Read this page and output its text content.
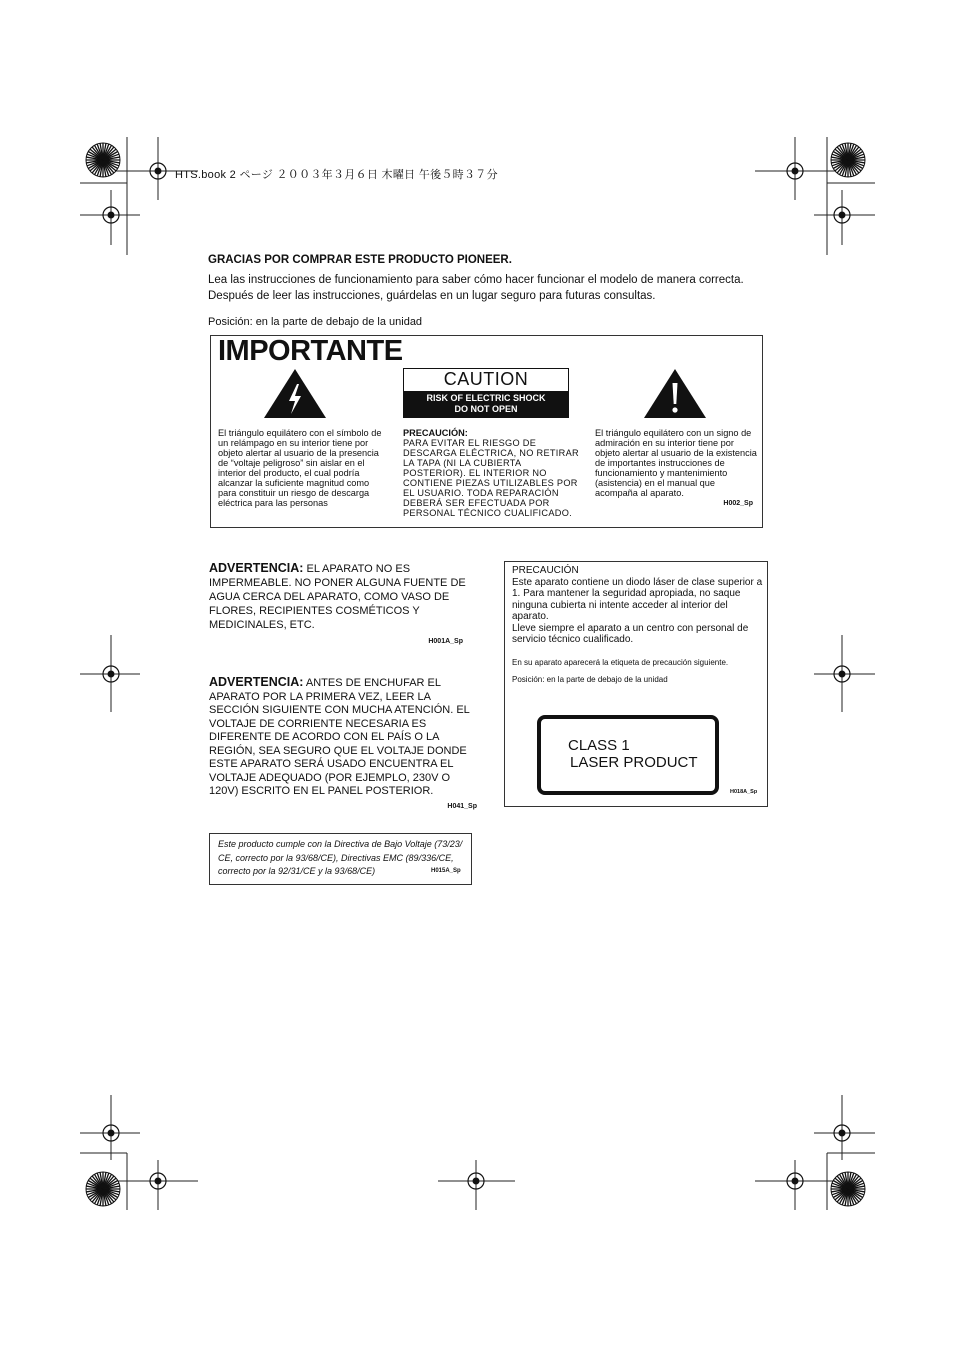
HTS.book 2 ページ ２００３年３月６日 木曜日 午後５時３７分
GRACIAS POR COMPRAR ESTE PRODUCTO PIONEER.
Lea las instrucciones de funcionamiento para saber cómo hacer funcionar el modelo de manera correcta. Después de leer las instrucciones, guárdelas en un lugar seguro para futuras consultas.
Posición: en la parte de debajo de la unidad
IMPORTANTE
CAUTION
RISK OF ELECTRIC SHOCK
DO NOT OPEN
El triángulo equilátero con el símbolo de un relámpago en su interior tiene por objeto alertar al usuario de la presencia de “voltaje peligroso” sin aislar en el interior del producto, el cual podría alcanzar la suficiente magnitud como para constituir un riesgo de descarga eléctrica para las personas
PRECAUCIÓN:
PARA EVITAR EL RIESGO DE DESCARGA ELÉCTRICA, NO RETIRAR LA TAPA (NI LA CUBIERTA POSTERIOR). EL INTERIOR NO CONTIENE PIEZAS UTILIZABLES POR EL USUARIO. TODA REPARACIÓN DEBERÁ SER EFECTUADA POR PERSONAL TÉCNICO CUALIFICADO.
El triángulo equilátero con un signo de admiración en su interior tiene por objeto alertar al usuario de la existencia de importantes instrucciones de funcionamiento y mantenimiento (asistencia) en el manual que acompaña al aparato.
H002_Sp
ADVERTENCIA: EL APARATO NO ES IMPERMEABLE. NO PONER ALGUNA FUENTE DE AGUA CERCA DEL APARATO, COMO VASO DE FLORES, RECIPIENTES COSMÉTICOS Y MEDICINALES, ETC.
H001A_Sp
ADVERTENCIA: ANTES DE ENCHUFAR EL APARATO POR LA PRIMERA VEZ, LEER LA SECCIÓN SIGUIENTE CON MUCHA ATENCIÓN. EL VOLTAJE DE CORRIENTE NECESARIA ES DIFERENTE DE ACORDO CON EL PAÍS O LA REGIÓN, SEA SEGURO QUE EL VOLTAJE DONDE ESTE APARATO SERÁ USADO ENCUENTRA EL VOLTAJE ADEQUADO (POR EJEMPLO, 230V O 120V) ESCRITO EN EL PANEL POSTERIOR.
H041_Sp
PRECAUCIÓN
Este aparato contiene un diodo láser de clase superior a 1. Para mantener la seguridad apropiada, no saque ninguna cubierta ni intente acceder al interior del aparato.
Lleve siempre el aparato a un centro con personal de servicio técnico cualificado.
En su aparato aparecerá la etiqueta de precaución siguiente.
Posición: en la parte de debajo de la unidad
CLASS 1
LASER PRODUCT
H018A_Sp
Este producto cumple con la Directiva de Bajo Voltaje (73/23/ CE, correcto por la 93/68/CE), Directivas EMC (89/336/CE, correcto por la 92/31/CE y la 93/68/CE)	H015A_Sp
